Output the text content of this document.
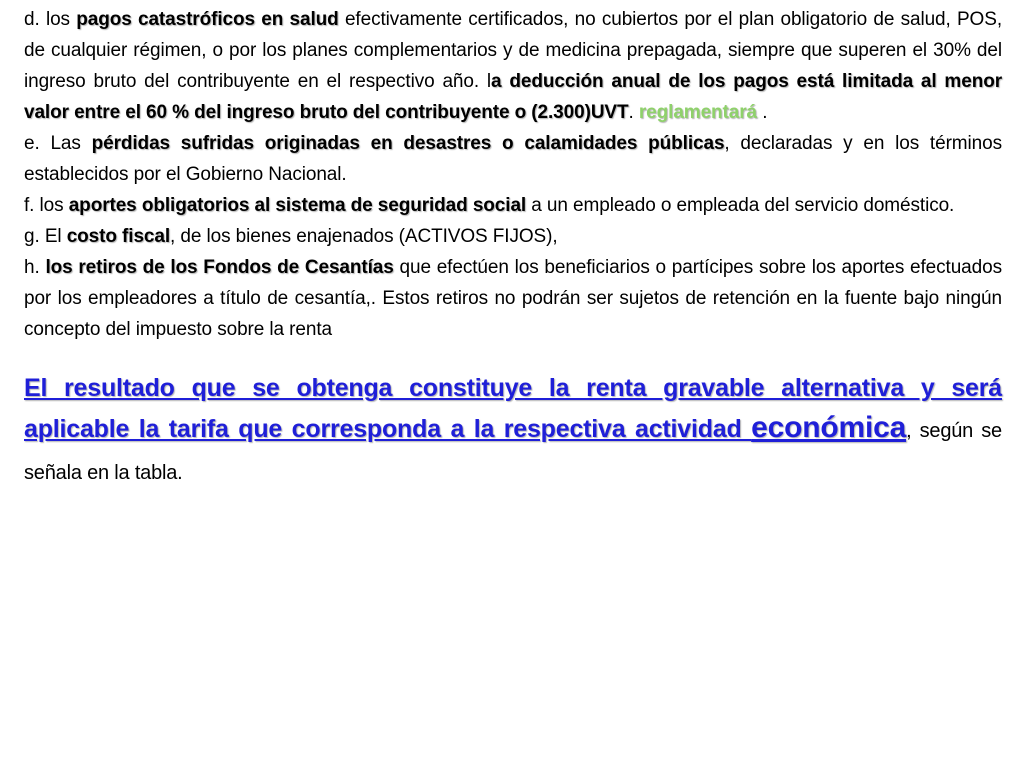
d. los pagos catastróficos en salud efectivamente certificados, no cubiertos por el plan obligatorio de salud, POS, de cualquier régimen, o por los planes complementarios y de medicina prepagada, siempre que superen el 30% del ingreso bruto del contribuyente en el respectivo año. la deducción anual de los pagos está limitada al menor valor entre el 60 % del ingreso bruto del contribuyente o (2.300)UVT. reglamentará .

e. Las pérdidas sufridas originadas en desastres o calamidades públicas, declaradas y en los términos establecidos por el Gobierno Nacional.

f. los aportes obligatorios al sistema de seguridad social a un empleado o empleada del servicio doméstico.

g. El costo fiscal, de los bienes enajenados (ACTIVOS FIJOS),

h. los retiros de los Fondos de Cesantías que efectúen los beneficiarios o partícipes sobre los aportes efectuados por los empleadores a título de cesantía,. Estos retiros no podrán ser sujetos de retención en la fuente bajo ningún concepto del impuesto sobre la renta

El resultado que se obtenga constituye la renta gravable alternativa y será aplicable la tarifa que corresponda a la respectiva actividad económica, según se señala en la tabla.
